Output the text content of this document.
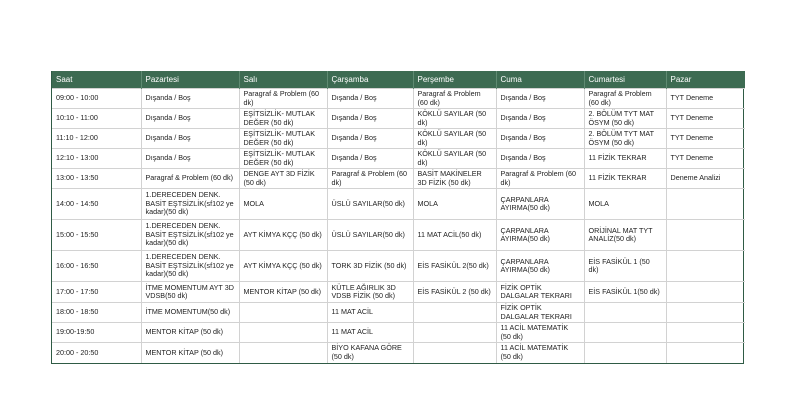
Saat	Pazartesi	Salı	Çarşamba	Perşembe	Cuma	Cumartesi	Pazar
09:00 - 10:00	Dışanda / Boş	Paragraf & Problem (60 dk)	Dışanda / Boş	Paragraf & Problem (60 dk)	Dışanda / Boş	Paragraf & Problem (60 dk)	TYT Deneme
10:10 - 11:00	Dışanda / Boş	EŞİTSİZLİK- MUTLAK DEĞER (50 dk)	Dışanda / Boş	KÖKLÜ SAYILAR (50 dk)	Dışanda / Boş	2. BÖLÜM TYT MAT ÖSYM (50 dk)	TYT Deneme
11:10 - 12:00	Dışanda / Boş	EŞİTSİZLİK- MUTLAK DEĞER (50 dk)	Dışanda / Boş	KÖKLÜ SAYILAR (50 dk)	Dışanda / Boş	2. BÖLÜM TYT MAT ÖSYM (50 dk)	TYT Deneme
12:10 - 13:00	Dışanda / Boş	EŞİTSİZLİK- MUTLAK DEĞER (50 dk)	Dışanda / Boş	KÖKLÜ SAYILAR (50 dk)	Dışanda / Boş	11 FİZİK TEKRAR	TYT Deneme
13:00 - 13:50	Paragraf & Problem (60 dk)	DENGE AYT 3D FİZİK (50 dk)	Paragraf & Problem (60 dk)	BASİT MAKİNELER 3D FİZİK (50 dk)	Paragraf & Problem (60 dk)	11 FİZİK TEKRAR	Deneme Analizi
14:00 - 14:50	1.DERECEDEN DENK. BASİT EŞTSİZLİK(sf102 ye kadar)(50 dk)	MOLA	ÜSLÜ SAYILAR(50 dk)	MOLA	ÇARPANLARA AYIRMA(50 dk)	MOLA	
15:00 - 15:50	1.DERECEDEN DENK. BASİT EŞTSİZLİK(sf102 ye kadar)(50 dk)	AYT KİMYA KÇÇ (50 dk)	ÜSLÜ SAYILAR(50 dk)	11 MAT ACİL(50 dk)	ÇARPANLARA AYIRMA(50 dk)	ORİJİNAL MAT TYT ANALİZ(50 dk)	
16:00 - 16:50	1.DERECEDEN DENK. BASİT EŞTSİZLİK(sf102 ye kadar)(50 dk)	AYT KİMYA KÇÇ (50 dk)	TORK 3D FİZİK (50 dk)	EİS FASİKÜL 2(50 dk)	ÇARPANLARA AYIRMA(50 dk)	EİS FASİKÜL 1 (50 dk)	
17:00 - 17:50	İTME MOMENTUM AYT 3D VDSB(50 dk)	MENTOR KİTAP (50 dk)	KÜTLE AĞIRLIK 3D VDSB FİZİK (50 dk)	EİS FASİKÜL 2 (50 dk)	FİZİK OPTİK DALGALAR TEKRARI	EİS FASİKÜL 1(50 dk)	
18:00 - 18:50	İTME MOMENTUM(50 dk)		11 MAT ACİL		FİZİK OPTİK DALGALAR TEKRARI		
19:00-19:50	MENTOR KİTAP (50 dk)		11 MAT ACİL		11 ACİL MATEMATİK (50 dk)		
20:00 - 20:50	MENTOR KİTAP (50 dk)		BİYO KAFANA GÖRE (50 dk)		11 ACİL MATEMATİK (50 dk)		
